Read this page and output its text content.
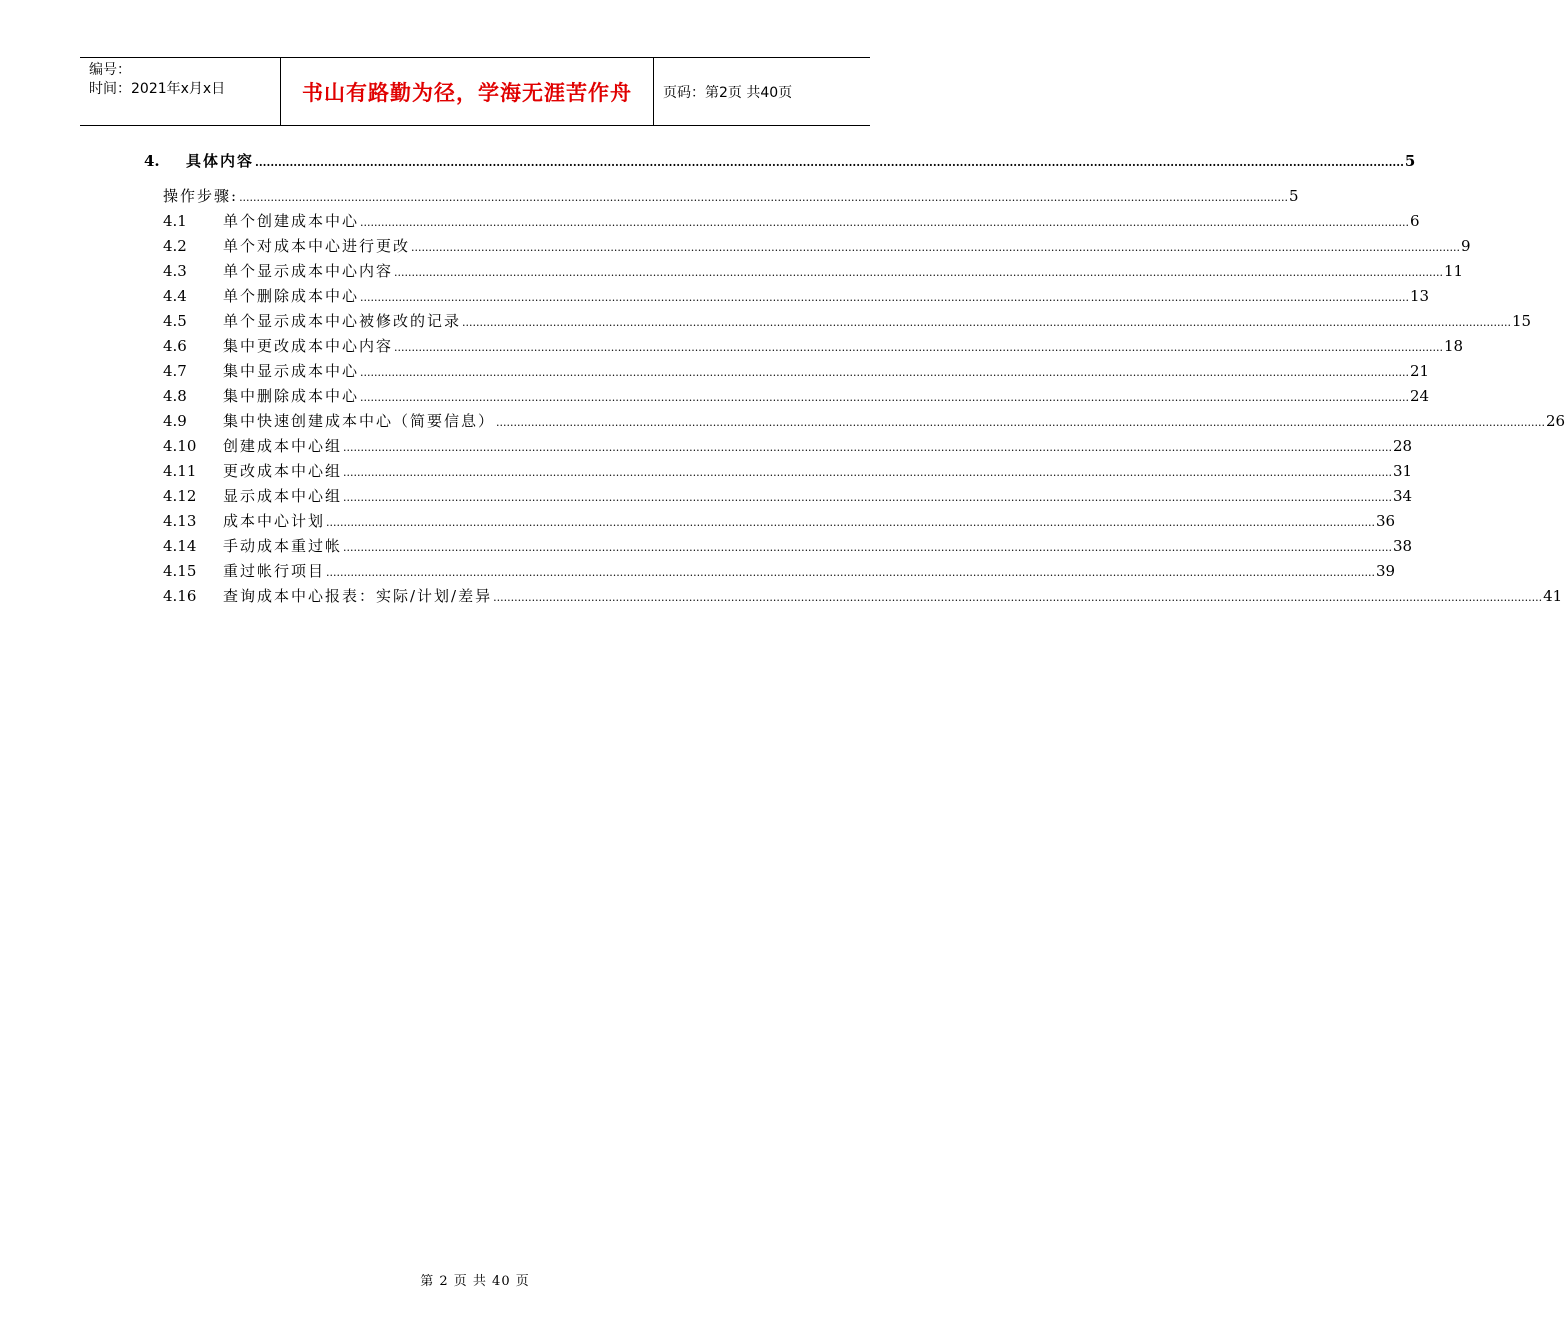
编号：
时间：2021年x月x日	书山有路勤为径，学海无涯苦作舟	页码：第2页 共40页
4.	具体内容 ............................................................................................................................................................................................................................................................................................................ 5
操作步骤: ............................................................................................................................................................................................................................................................................................................ 5
4.1	单个创建成本中心 ............................................................................................................................................................................................................................................................................................................ 6
4.2	单个对成本中心进行更改 ............................................................................................................................................................................................................................................................................................................ 9
4.3	单个显示成本中心内容 ............................................................................................................................................................................................................................................................................................................ 11
4.4	单个删除成本中心 ............................................................................................................................................................................................................................................................................................................ 13
4.5	单个显示成本中心被修改的记录 ............................................................................................................................................................................................................................................................................................................ 15
4.6	集中更改成本中心内容 ............................................................................................................................................................................................................................................................................................................ 18
4.7	集中显示成本中心 ............................................................................................................................................................................................................................................................................................................ 21
4.8	集中删除成本中心 ............................................................................................................................................................................................................................................................................................................ 24
4.9	集中快速创建成本中心（简要信息） ............................................................................................................................................................................................................................................................................................................ 26
4.10	创建成本中心组 ............................................................................................................................................................................................................................................................................................................ 28
4.11	更改成本中心组 ............................................................................................................................................................................................................................................................................................................ 31
4.12	显示成本中心组 ............................................................................................................................................................................................................................................................................................................ 34
4.13	成本中心计划 ............................................................................................................................................................................................................................................................................................................ 36
4.14	手动成本重过帐 ............................................................................................................................................................................................................................................................................................................ 38
4.15	重过帐行项目 ............................................................................................................................................................................................................................................................................................................ 39
4.16	查询成本中心报表：实际/计划/差异 ............................................................................................................................................................................................................................................................................................................ 41
第 2 页 共 40 页
